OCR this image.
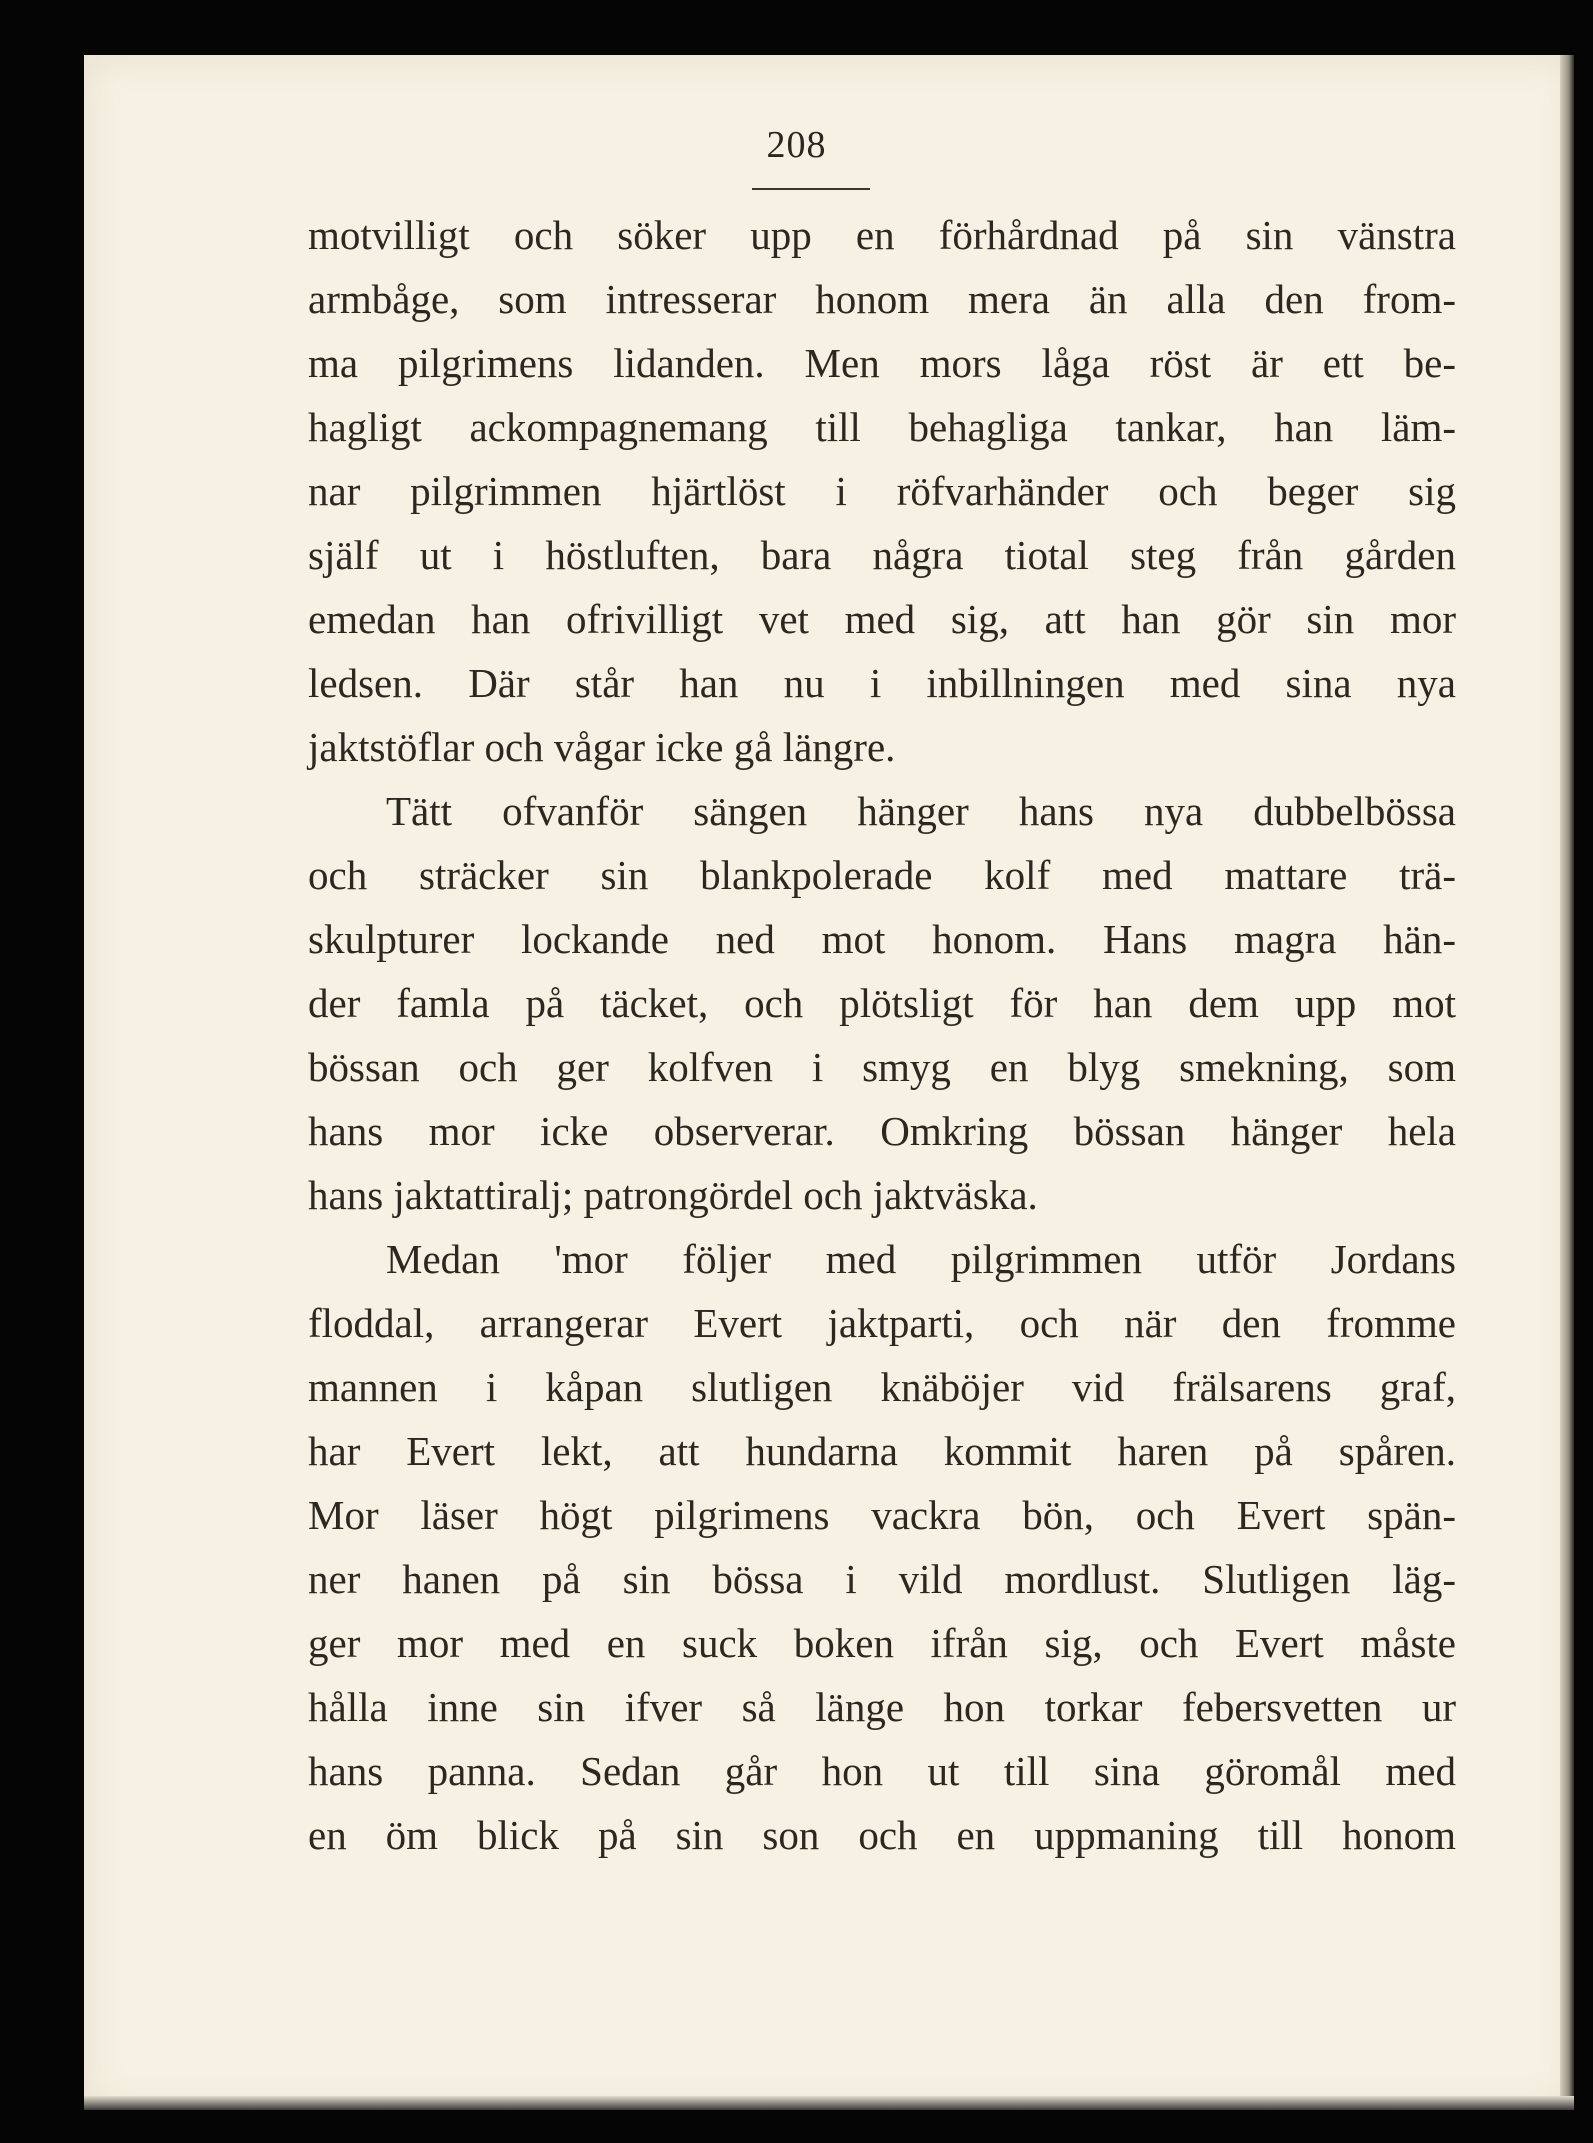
208
motvilligt och söker upp en förhårdnad på sin vänstra
armbåge, som intresserar honom mera än alla den from-
ma pilgrimens lidanden. Men mors låga röst är ett be-
hagligt ackompagnemang till behagliga tankar, han läm-
nar pilgrimmen hjärtlöst i röfvarhänder och beger sig
själf ut i höstluften, bara några tiotal steg från gården
emedan han ofrivilligt vet med sig, att han gör sin mor
ledsen. Där står han nu i inbillningen med sina nya
jaktstöflar och vågar icke gå längre.
Tätt ofvanför sängen hänger hans nya dubbelbössa
och sträcker sin blankpolerade kolf med mattare trä-
skulpturer lockande ned mot honom. Hans magra hän-
der famla på täcket, och plötsligt för han dem upp mot
bössan och ger kolfven i smyg en blyg smekning, som
hans mor icke observerar. Omkring bössan hänger hela
hans jaktattiralj; patrongördel och jaktväska.
Medan 'mor följer med pilgrimmen utför Jordans
floddal, arrangerar Evert jaktparti, och när den fromme
mannen i kåpan slutligen knäböjer vid frälsarens graf,
har Evert lekt, att hundarna kommit haren på spåren.
Mor läser högt pilgrimens vackra bön, och Evert spän-
ner hanen på sin bössa i vild mordlust. Slutligen läg-
ger mor med en suck boken ifrån sig, och Evert måste
hålla inne sin ifver så länge hon torkar febersvetten ur
hans panna. Sedan går hon ut till sina göromål med
en öm blick på sin son och en uppmaning till honom
